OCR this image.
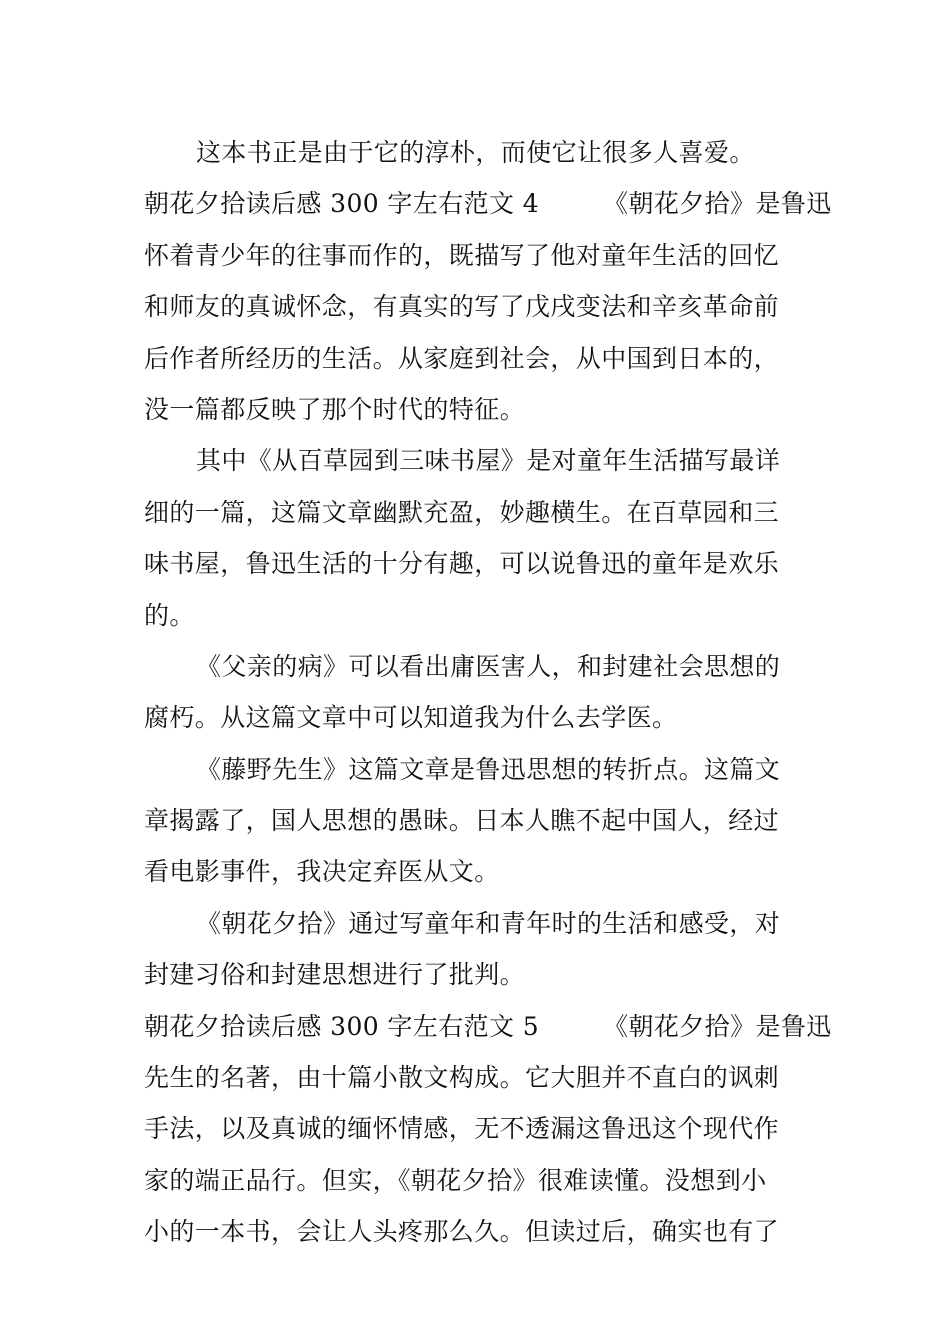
这本书正是由于它的淳朴，而使它让很多人喜爱。
朝花夕拾读后感 300 字左右范文 4	《朝花夕拾》是鲁迅
怀着青少年的往事而作的，既描写了他对童年生活的回忆
和师友的真诚怀念，有真实的写了戊戌变法和辛亥革命前
后作者所经历的生活。从家庭到社会，从中国到日本的，
没一篇都反映了那个时代的特征。
其中《从百草园到三味书屋》是对童年生活描写最详
细的一篇，这篇文章幽默充盈，妙趣横生。在百草园和三
味书屋，鲁迅生活的十分有趣，可以说鲁迅的童年是欢乐
的。
《父亲的病》可以看出庸医害人，和封建社会思想的
腐朽。从这篇文章中可以知道我为什么去学医。
《藤野先生》这篇文章是鲁迅思想的转折点。这篇文
章揭露了，国人思想的愚昧。日本人瞧不起中国人，经过
看电影事件，我决定弃医从文。
《朝花夕拾》通过写童年和青年时的生活和感受，对
封建习俗和封建思想进行了批判。
朝花夕拾读后感 300 字左右范文 5	《朝花夕拾》是鲁迅
先生的名著，由十篇小散文构成。它大胆并不直白的讽刺
手法，以及真诚的缅怀情感，无不透漏这鲁迅这个现代作
家的端正品行。但实，《朝花夕拾》很难读懂。没想到小
小的一本书，会让人头疼那么久。但读过后，确实也有了
